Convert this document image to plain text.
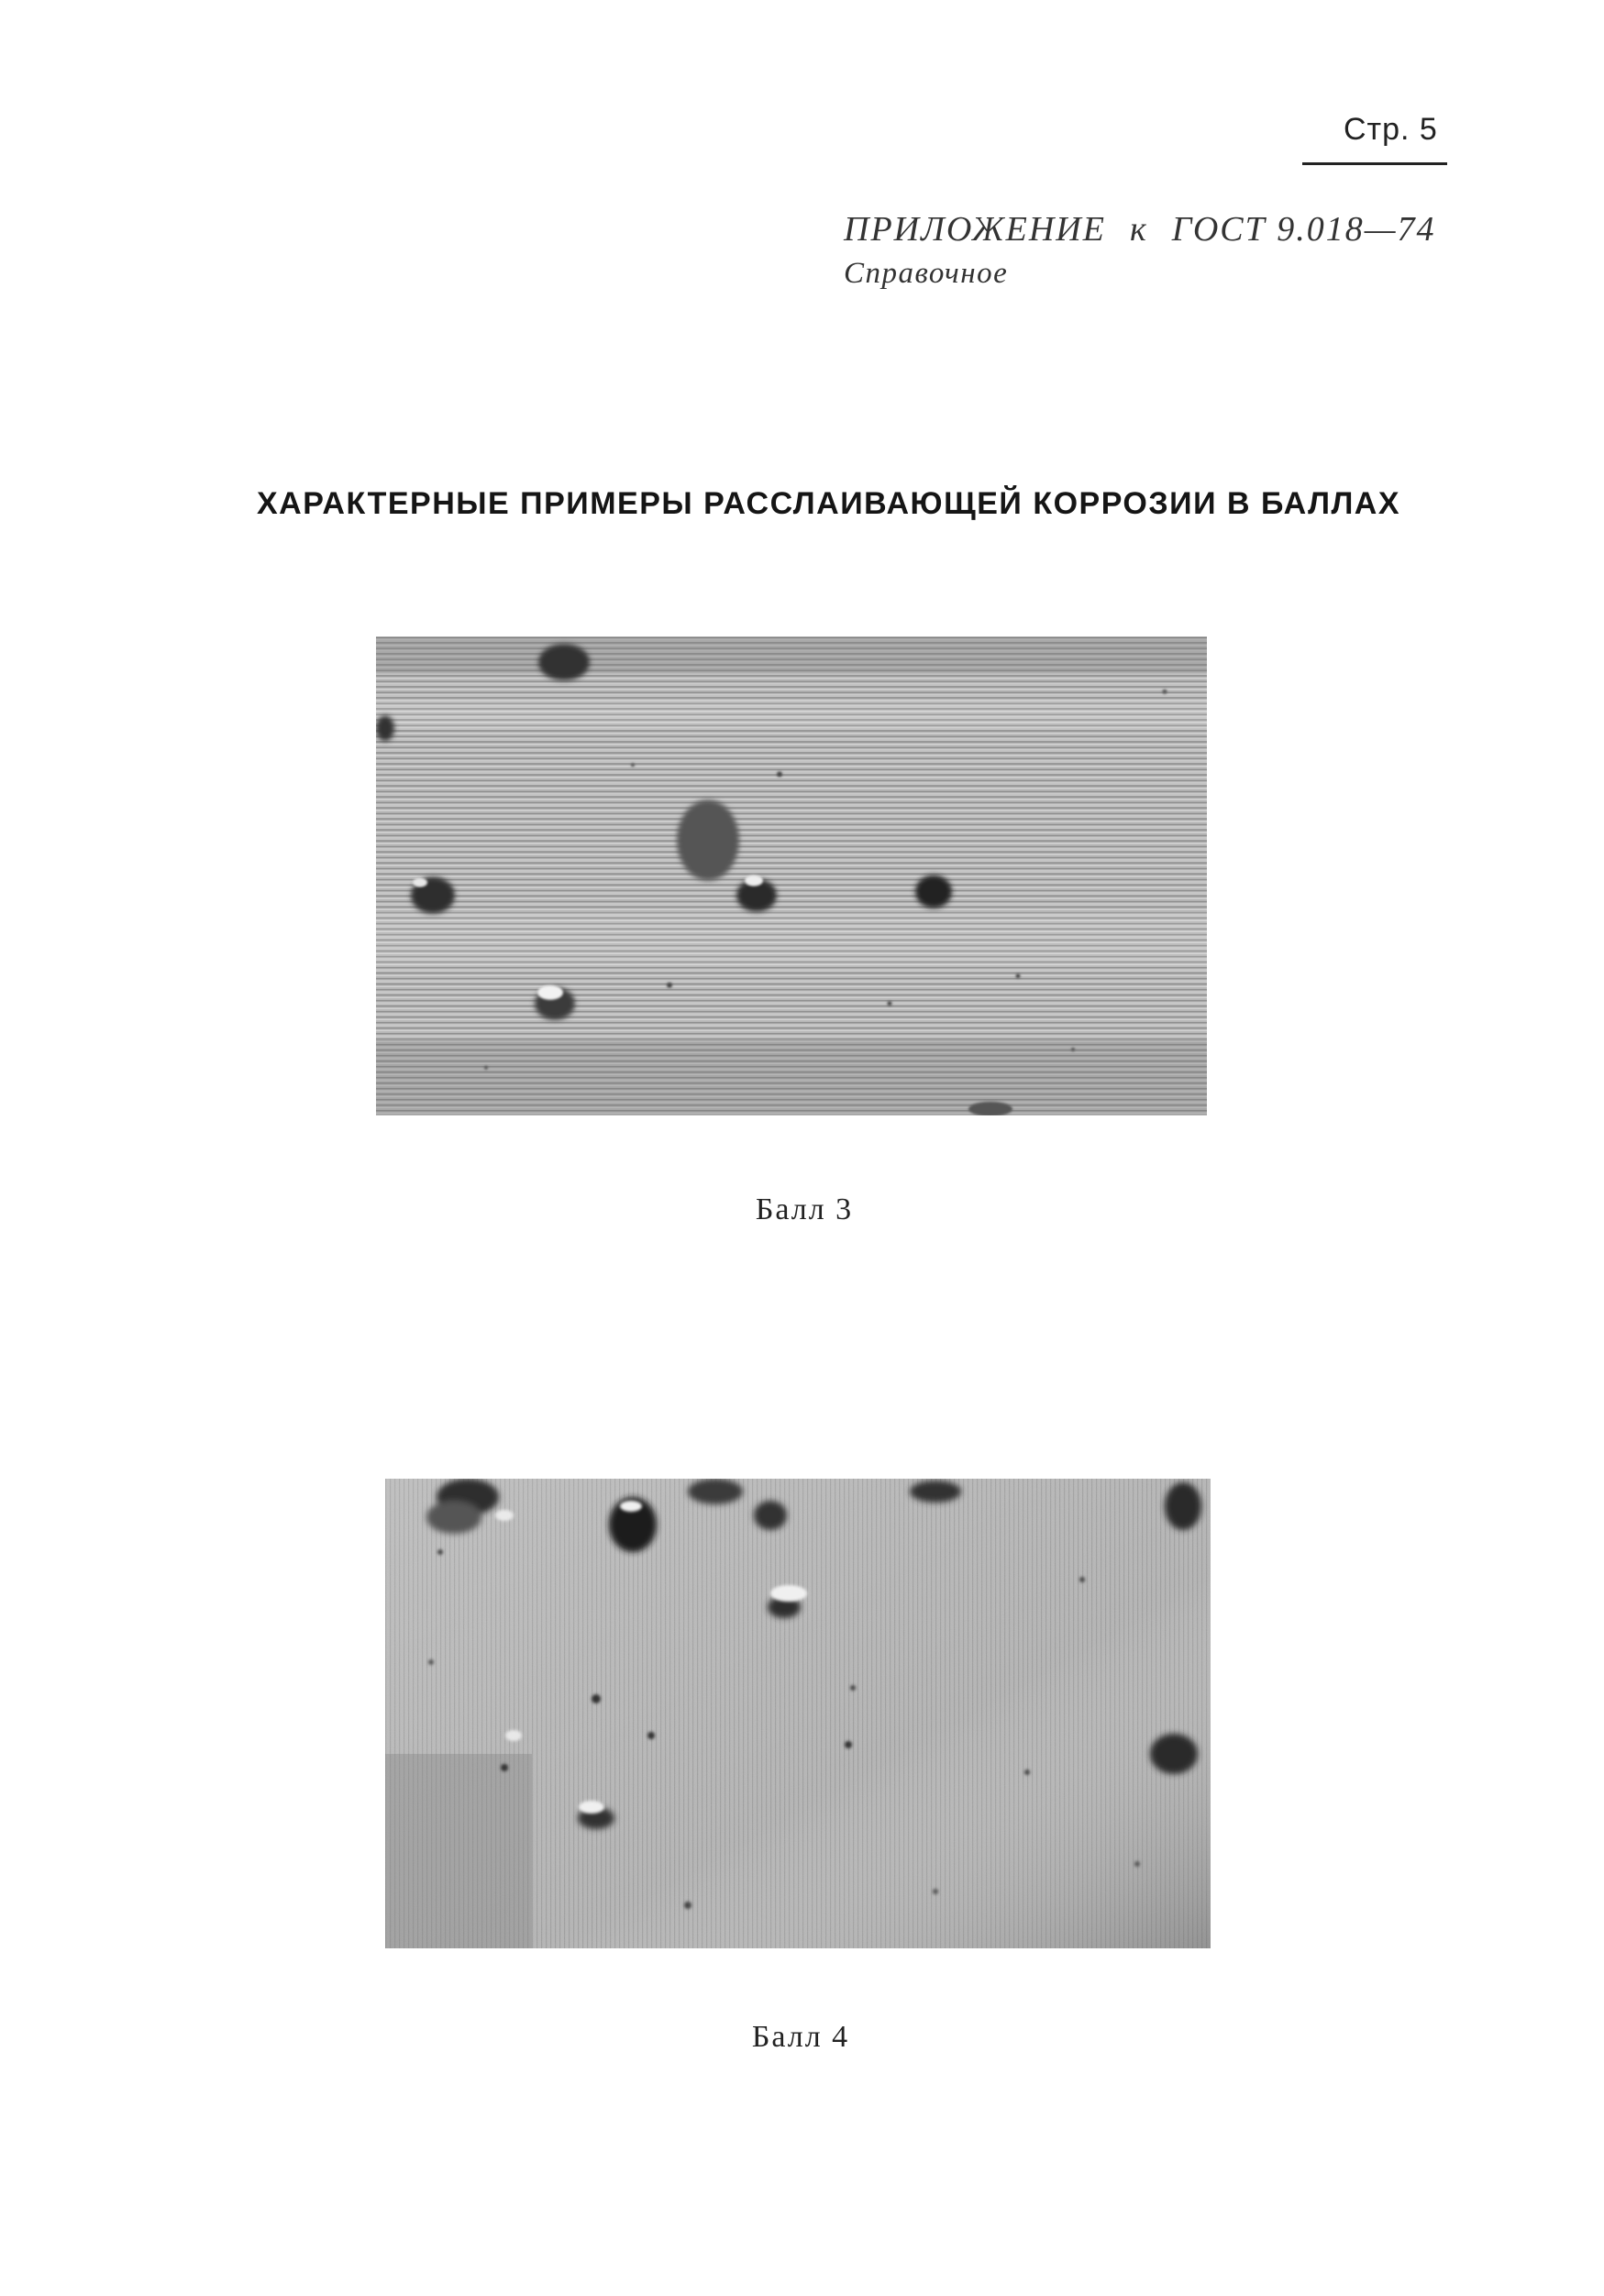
Стр. 5
ПРИЛОЖЕНИЕ к ГОСТ 9.018—74
Справочное
ХАРАКТЕРНЫЕ ПРИМЕРЫ РАССЛАИВАЮЩЕЙ КОРРОЗИИ В БАЛЛАХ
Балл 3
Балл 4
